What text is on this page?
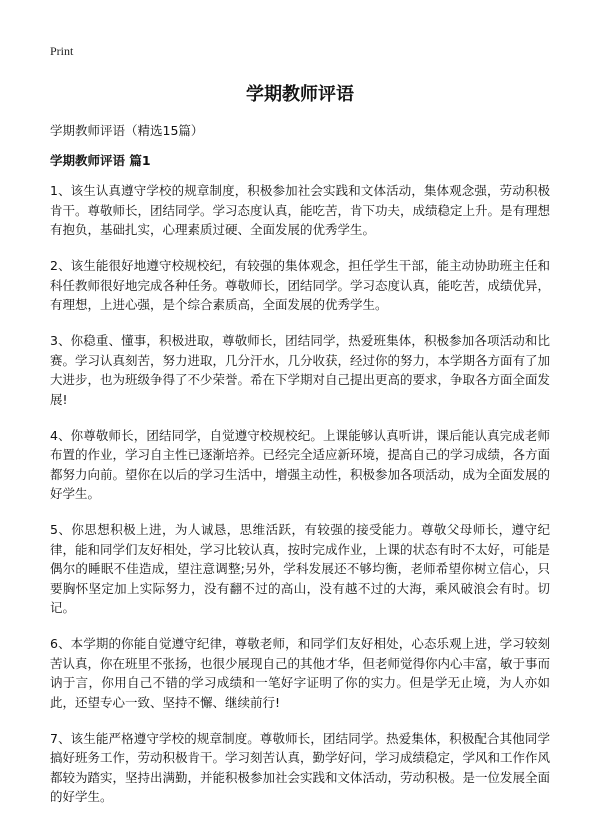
Print
学期教师评语

学期教师评语（精选15篇）

学期教师评语 篇1

1、该生认真遵守学校的规章制度，积极参加社会实践和文体活动，集体观念强，劳动积极肯干。尊敬师长，团结同学。学习态度认真，能吃苦，肯下功夫，成绩稳定上升。是有理想有抱负，基础扎实，心理素质过硬、全面发展的优秀学生。

2、该生能很好地遵守校规校纪，有较强的集体观念，担任学生干部，能主动协助班主任和科任教师很好地完成各种任务。尊敬师长，团结同学。学习态度认真，能吃苦，成绩优异，有理想，上进心强，是个综合素质高，全面发展的优秀学生。

3、你稳重、懂事，积极进取，尊敬师长，团结同学，热爱班集体，积极参加各项活动和比赛。学习认真刻苦，努力进取，几分汗水，几分收获，经过你的努力，本学期各方面有了加大进步，也为班级争得了不少荣誉。希在下学期对自己提出更高的要求，争取各方面全面发展!

4、你尊敬师长，团结同学，自觉遵守校规校纪。上课能够认真听讲，课后能认真完成老师布置的作业，学习自主性已逐渐培养。已经完全适应新环境，提高自己的学习成绩，各方面都努力向前。望你在以后的学习生活中，增强主动性，积极参加各项活动，成为全面发展的好学生。

5、你思想积极上进，为人诚恳，思维活跃，有较强的接受能力。尊敬父母师长，遵守纪律，能和同学们友好相处，学习比较认真，按时完成作业，上课的状态有时不太好，可能是偶尔的睡眠不佳造成，望注意调整;另外，学科发展还不够均衡，老师希望你树立信心，只要胸怀坚定加上实际努力，没有翻不过的高山，没有越不过的大海，乘风破浪会有时。切记。

6、本学期的你能自觉遵守纪律，尊敬老师，和同学们友好相处，心态乐观上进，学习较刻苦认真，你在班里不张扬，也很少展现自己的其他才华，但老师觉得你内心丰富，敏于事而讷于言，你用自己不错的学习成绩和一笔好字证明了你的实力。但是学无止境，为人亦如此，还望专心一致、坚持不懈、继续前行!

7、该生能严格遵守学校的规章制度。尊敬师长，团结同学。热爱集体，积极配合其他同学搞好班务工作，劳动积极肯干。学习刻苦认真，勤学好问，学习成绩稳定，学风和工作作风都较为踏实，坚持出满勤，并能积极参加社会实践和文体活动，劳动积极。是一位发展全面的好学生。
